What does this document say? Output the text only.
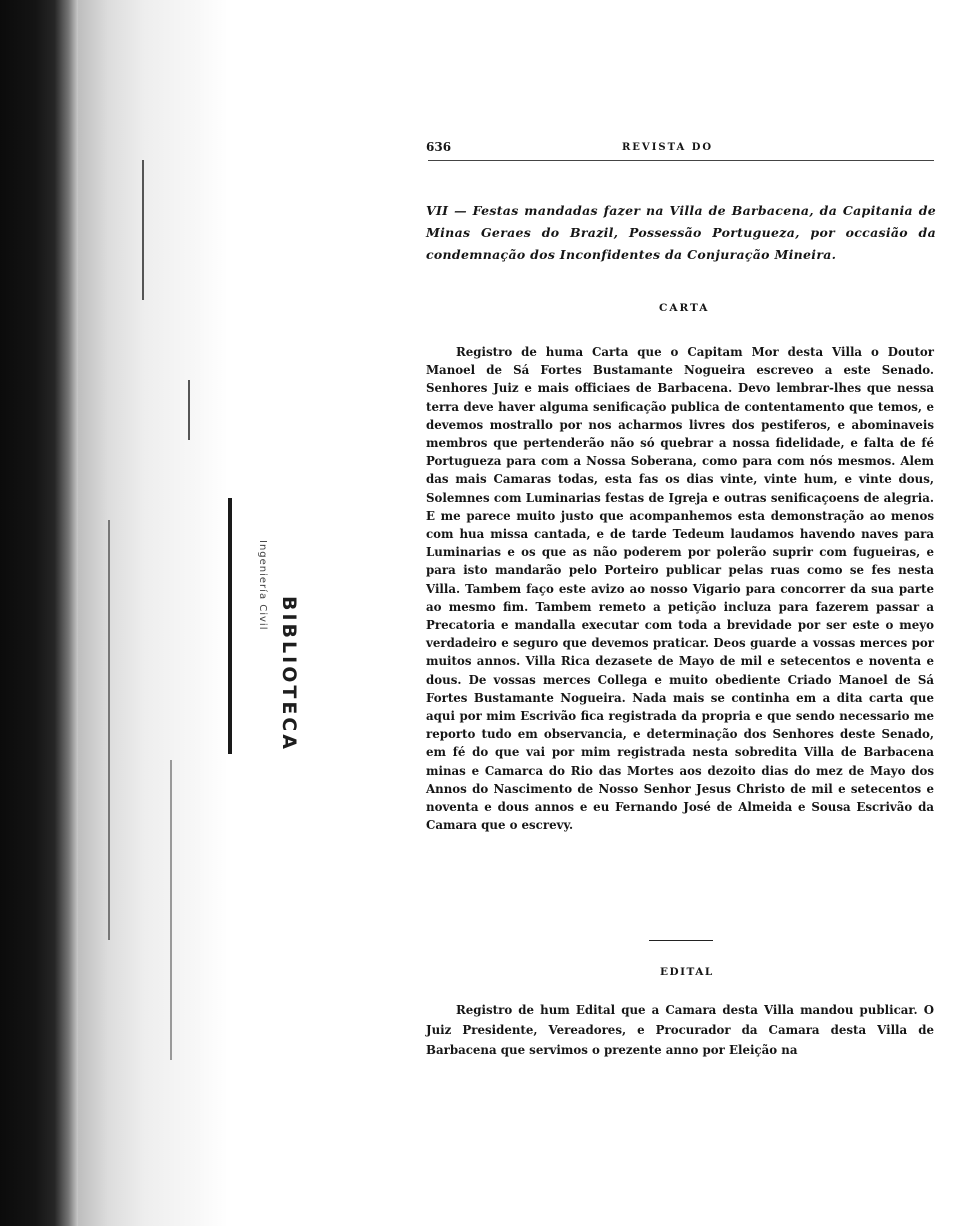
BIBLIOTECA
Ingeniería Civil
636	REVISTA DO
VII — Festas mandadas fazer na Villa de Barbacena, da Capitania de Minas Geraes do Brazil, Possessão Portugueza, por occasião da condemnação dos Inconfidentes da Conjuração Mineira.
CARTA

Registro de huma Carta que o Capitam Mor desta Villa o Doutor Manoel de Sá Fortes Bustamante Nogueira escreveo a este Senado. Senhores Juiz e mais officiaes de Barbacena. Devo lembrar-lhes que nessa terra deve haver alguma senificação publica de contentamento que temos, e devemos mostrallo por nos acharmos livres dos pestiferos, e abominaveis membros que pertenderão não só quebrar a nossa fidelidade, e falta de fé Portugueza para com a Nossa Soberana, como para com nós mesmos. Alem das mais Camaras todas, esta fas os dias vinte, vinte hum, e vinte dous, Solemnes com Luminarias festas de Igreja e outras senificaçoens de alegria. E me parece muito justo que acompanhemos esta demonstração ao menos com hua missa cantada, e de tarde Tedeum laudamos havendo naves para Luminarias e os que as não poderem por polerão suprir com fugueiras, e para isto mandarão pelo Porteiro publicar pelas ruas como se fes nesta Villa. Tambem faço este avizo ao nosso Vigario para concorrer da sua parte ao mesmo fim. Tambem remeto a petição incluza para fazerem passar a Precatoria e mandalla executar com toda a brevidade por ser este o meyo verdadeiro e seguro que devemos praticar. Deos guarde a vossas merces por muitos annos. Villa Rica dezasete de Mayo de mil e setecentos e noventa e dous. De vossas merces Collega e muito obediente Criado Manoel de Sá Fortes Bustamante Nogueira. Nada mais se continha em a dita carta que aqui por mim Escrivão fica registrada da propria e que sendo necessario me reporto tudo em observancia, e determinação dos Senhores deste Senado, em fé do que vai por mim registrada nesta sobredita Villa de Barbacena minas e Camarca do Rio das Mortes aos dezoito dias do mez de Mayo dos Annos do Nascimento de Nosso Senhor Jesus Christo de mil e setecentos e noventa e dous annos e eu Fernando José de Almeida e Sousa Escrivão da Camara que o escrevy.

EDITAL

Registro de hum Edital que a Camara desta Villa mandou publicar. O Juiz Presidente, Vereadores, e Procurador da Camara desta Villa de Barbacena que servimos o prezente anno por Eleição na
